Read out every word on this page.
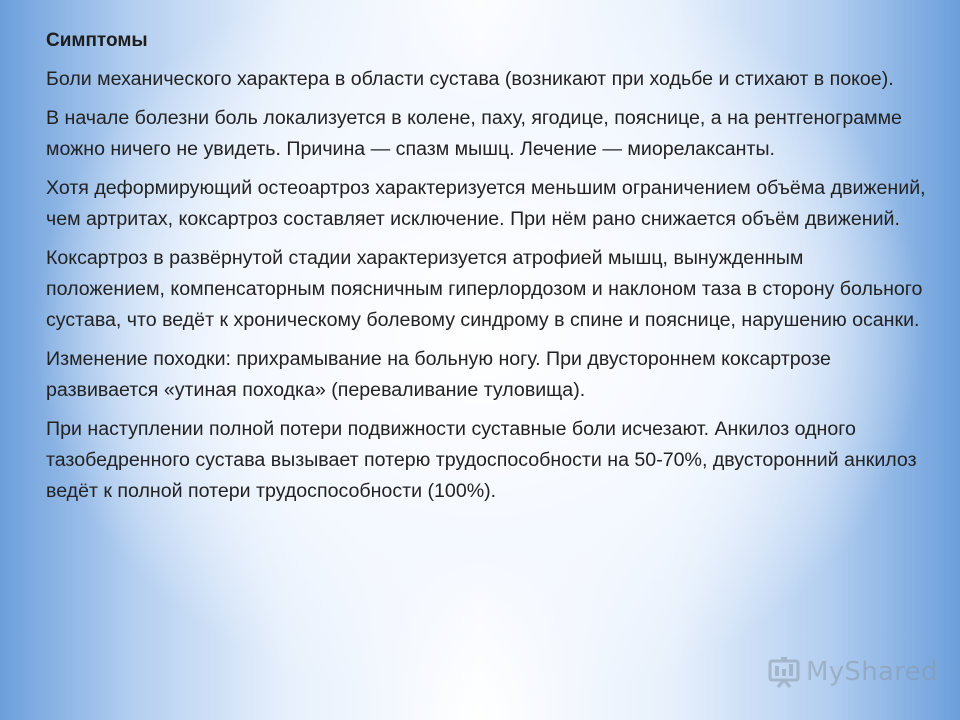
Симптомы

Боли механического характера в области сустава (возникают при ходьбе и стихают в покое).

В начале болезни боль локализуется в колене, паху, ягодице, пояснице, а на рентгенограмме можно ничего не увидеть. Причина — спазм мышц. Лечение — миорелаксанты.

Хотя деформирующий остеоартроз характеризуется меньшим ограничением объёма движений, чем артритах, коксартроз составляет исключение. При нём рано снижается объём движений.

Коксартроз в развёрнутой стадии характеризуется атрофией мышц, вынужденным положением, компенсаторным поясничным гиперлордозом и наклоном таза в сторону больного сустава, что ведёт к хроническому болевому синдрому в спине и пояснице, нарушению осанки.

Изменение походки: прихрамывание на больную ногу. При двустороннем коксартрозе развивается «утиная походка» (переваливание туловища).

При наступлении полной потери подвижности суставные боли исчезают. Анкилоз одного тазобедренного сустава вызывает потерю трудоспособности на 50-70%, двусторонний анкилоз ведёт к полной потери трудоспособности (100%).

MyShared
